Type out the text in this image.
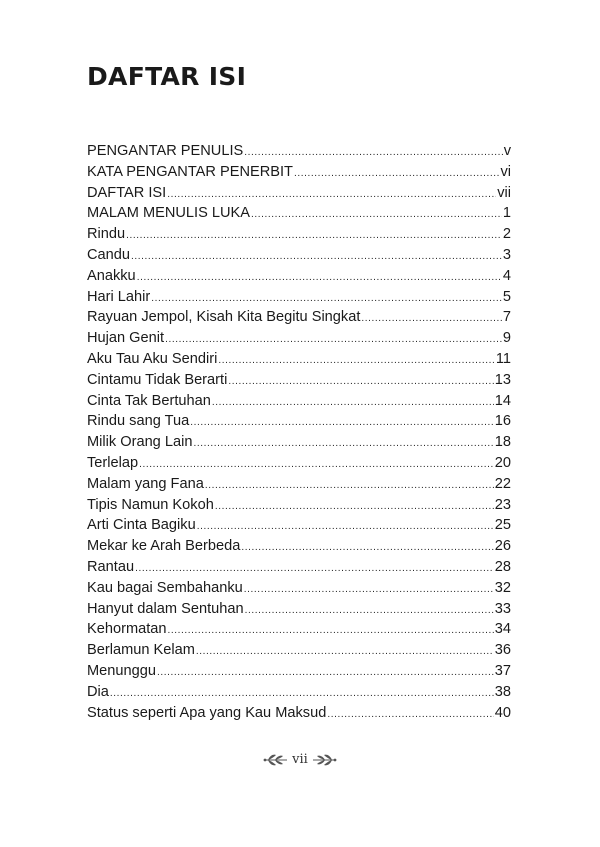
DAFTAR ISI
PENGANTAR PENULIS .....	v
KATA PENGANTAR PENERBIT .....	vi
DAFTAR ISI .....	vii
MALAM MENULIS LUKA .....	1
Rindu .....	2
Candu .....	3
Anakku .....	4
Hari Lahir .....	5
Rayuan Jempol, Kisah Kita Begitu Singkat .....	7
Hujan Genit .....	9
Aku Tau Aku Sendiri .....	11
Cintamu Tidak Berarti .....	13
Cinta Tak Bertuhan .....	14
Rindu sang Tua .....	16
Milik Orang Lain .....	18
Terlelap .....	20
Malam yang Fana .....	22
Tipis Namun Kokoh .....	23
Arti Cinta Bagiku .....	25
Mekar ke Arah Berbeda .....	26
Rantau .....	28
Kau bagai Sembahanku .....	32
Hanyut dalam Sentuhan .....	33
Kehormatan .....	34
Berlamun Kelam .....	36
Menunggu .....	37
Dia .....	38
Status seperti Apa yang Kau Maksud .....	40
vii
